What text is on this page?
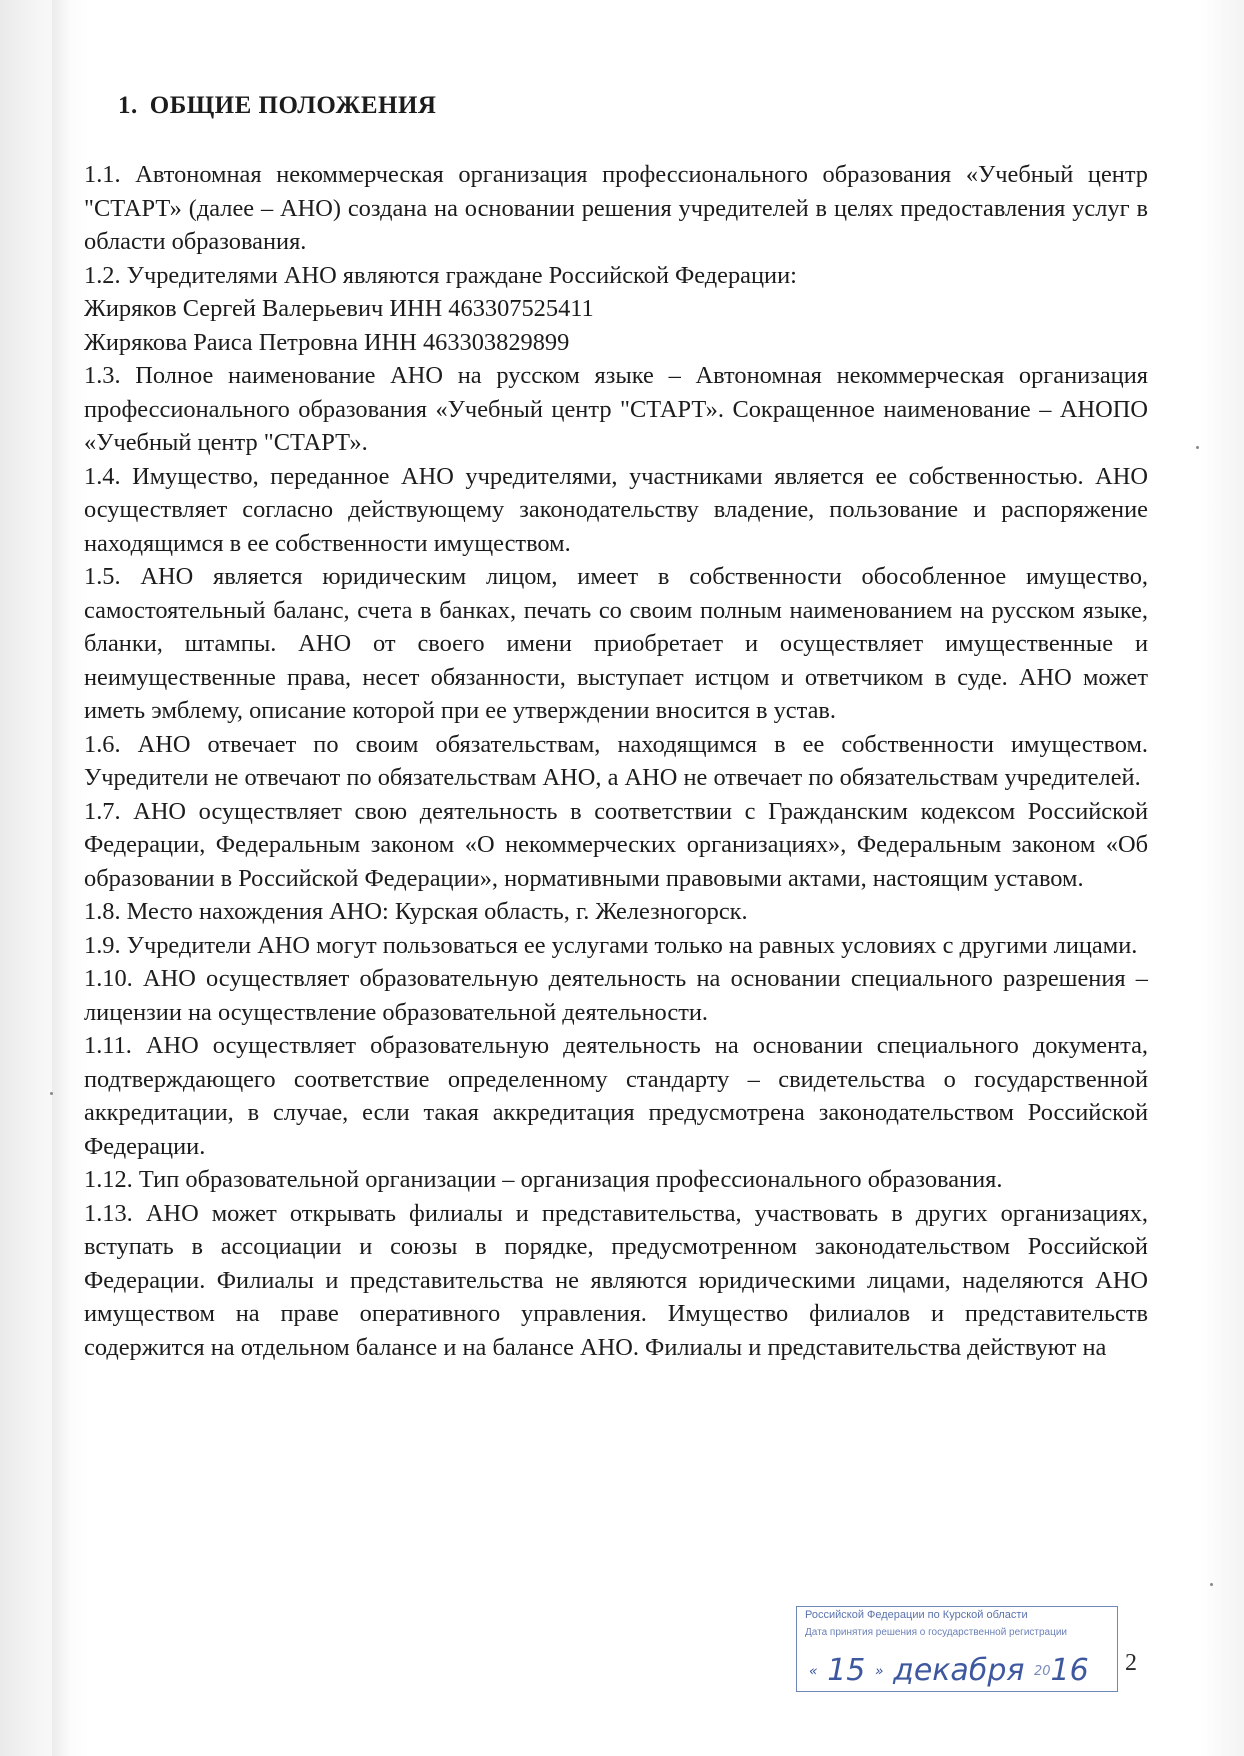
1. ОБЩИЕ ПОЛОЖЕНИЯ

1.1. Автономная некоммерческая организация профессионального образования «Учебный центр "СТАРТ» (далее – АНО) создана на основании решения учредителей в целях предоставления услуг в области образования.

1.2. Учредителями АНО являются граждане Российской Федерации:

Жиряков Сергей Валерьевич ИНН 463307525411

Жирякова Раиса Петровна ИНН 463303829899

1.3. Полное наименование АНО на русском языке – Автономная некоммерческая организация профессионального образования «Учебный центр "СТАРТ». Сокращенное наименование – АНОПО «Учебный центр "СТАРТ».

1.4. Имущество, переданное АНО учредителями, участниками является ее собственностью. АНО осуществляет согласно действующему законодательству владение, пользование и распоряжение находящимся в ее собственности имуществом.

1.5. АНО является юридическим лицом, имеет в собственности обособленное имущество, самостоятельный баланс, счета в банках, печать со своим полным наименованием на русском языке, бланки, штампы. АНО от своего имени приобретает и осуществляет имущественные и неимущественные права, несет обязанности, выступает истцом и ответчиком в суде. АНО может иметь эмблему, описание которой при ее утверждении вносится в устав.

1.6. АНО отвечает по своим обязательствам, находящимся в ее собственности имуществом. Учредители не отвечают по обязательствам АНО, а АНО не отвечает по обязательствам учредителей.

1.7. АНО осуществляет свою деятельность в соответствии с Гражданским кодексом Российской Федерации, Федеральным законом «О некоммерческих организациях», Федеральным законом «Об образовании в Российской Федерации», нормативными правовыми актами, настоящим уставом.

1.8. Место нахождения АНО: Курская область, г. Железногорск.

1.9. Учредители АНО могут пользоваться ее услугами только на равных условиях с другими лицами.

1.10. АНО осуществляет образовательную деятельность на основании специального разрешения – лицензии на осуществление образовательной деятельности.

1.11. АНО осуществляет образовательную деятельность на основании специального документа, подтверждающего соответствие определенному стандарту – свидетельства о государственной аккредитации, в случае, если такая аккредитация предусмотрена законодательством Российской Федерации.

1.12. Тип образовательной организации – организация профессионального образования.

1.13. АНО может открывать филиалы и представительства, участвовать в других организациях, вступать в ассоциации и союзы в порядке, предусмотренном законодательством Российской Федерации. Филиалы и представительства не являются юридическими лицами, наделяются АНО имуществом на праве оперативного управления. Имущество филиалов и представительств содержится на отдельном балансе и на балансе АНО. Филиалы и представительства действуют на

Российской Федерации по Курской области
Дата принятия решения о государственной регистрации
« 15 » декабря 2016	2
